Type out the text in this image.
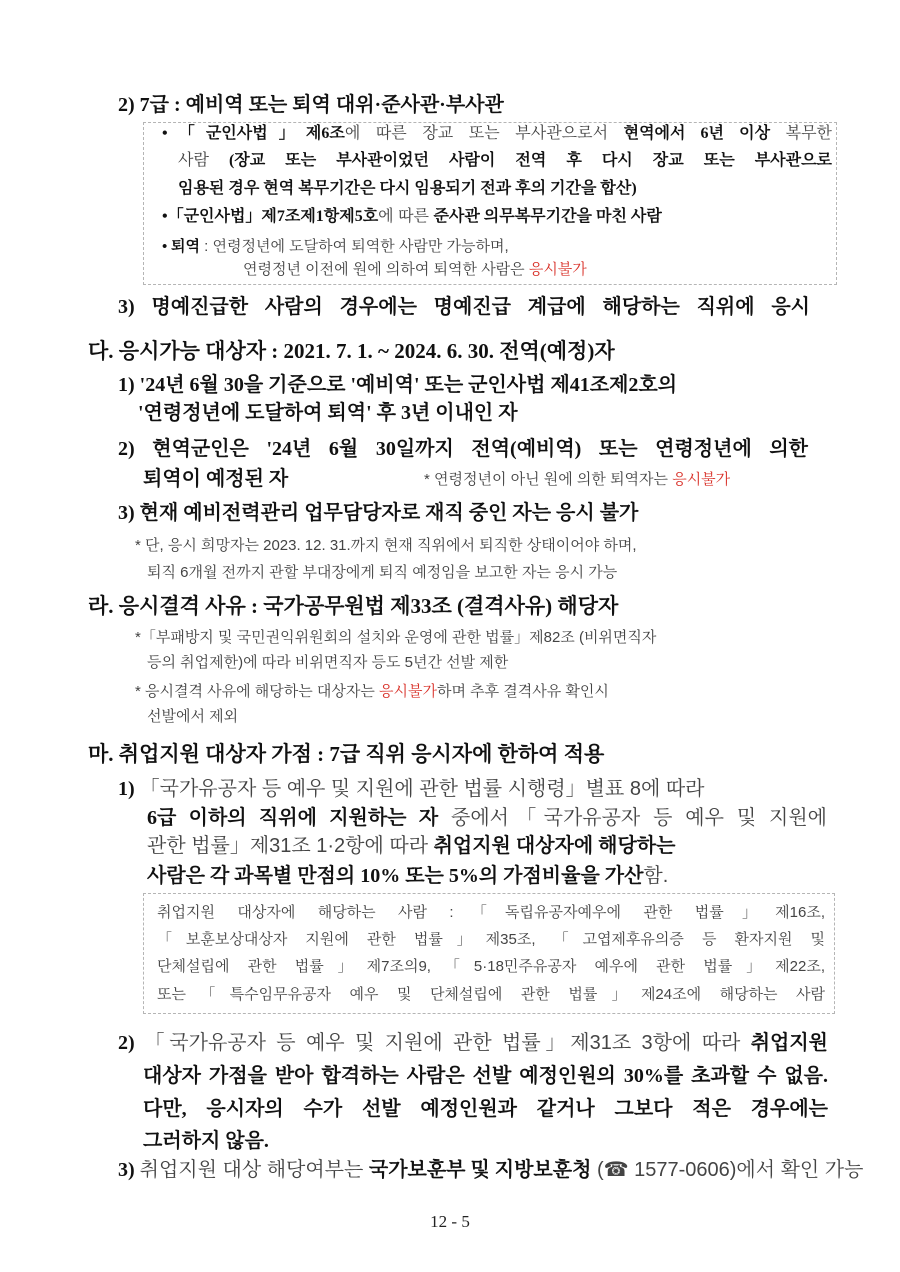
2) 7급 : 예비역 또는 퇴역 대위·준사관·부사관
•「군인사법」제6조에 따른 장교 또는 부사관으로서 현역에서 6년 이상 복무한
사람 (장교 또는 부사관이었던 사람이 전역 후 다시 장교 또는 부사관으로
임용된 경우 현역 복무기간은 다시 임용되기 전과 후의 기간을 합산)
•「군인사법」제7조제1항제5호에 따른 준사관 의무복무기간을 마친 사람
• 퇴역 : 연령정년에 도달하여 퇴역한 사람만 가능하며,
연령정년 이전에 원에 의하여 퇴역한 사람은 응시불가
3) 명예진급한 사람의 경우에는 명예진급 계급에 해당하는 직위에 응시
다. 응시가능 대상자 : 2021. 7. 1. ~ 2024. 6. 30. 전역(예정)자
1) '24년 6월 30을 기준으로 '예비역' 또는 군인사법 제41조제2호의
'연령정년에 도달하여 퇴역' 후 3년 이내인 자
2) 현역군인은 '24년 6월 30일까지 전역(예비역) 또는 연령정년에 의한
퇴역이 예정된 자	* 연령정년이 아닌 원에 의한 퇴역자는 응시불가
3) 현재 예비전력관리 업무담당자로 재직 중인 자는 응시 불가
* 단, 응시 희망자는 2023. 12. 31.까지 현재 직위에서 퇴직한 상태이어야 하며,
퇴직 6개월 전까지 관할 부대장에게 퇴직 예정임을 보고한 자는 응시 가능
라. 응시결격 사유 : 국가공무원법 제33조 (결격사유) 해당자
*「부패방지 및 국민권익위원회의 설치와 운영에 관한 법률」제82조 (비위면직자
등의 취업제한)에 따라 비위면직자 등도 5년간 선발 제한
* 응시결격 사유에 해당하는 대상자는 응시불가하며 추후 결격사유 확인시
선발에서 제외
마. 취업지원 대상자 가점 : 7급 직위 응시자에 한하여 적용
1) 「국가유공자 등 예우 및 지원에 관한 법률 시행령」별표 8에 따라
6급 이하의 직위에 지원하는 자 중에서「국가유공자 등 예우 및 지원에
관한 법률」제31조 1·2항에 따라 취업지원 대상자에 해당하는
사람은 각 과목별 만점의 10% 또는 5%의 가점비율을 가산함.
취업지원 대상자에 해당하는 사람 :「독립유공자예우에 관한 법률」제16조,
「보훈보상대상자 지원에 관한 법률」제35조, 「고엽제후유의증 등 환자지원 및
단체설립에 관한 법률」제7조의9,「5·18민주유공자 예우에 관한 법률」제22조,
또는「특수임무유공자 예우 및 단체설립에 관한 법률」제24조에 해당하는 사람
2) 「국가유공자 등 예우 및 지원에 관한 법률」제31조 3항에 따라 취업지원
대상자 가점을 받아 합격하는 사람은 선발 예정인원의 30%를 초과할 수 없음.
다만, 응시자의 수가 선발 예정인원과 같거나 그보다 적은 경우에는
그러하지 않음.
3) 취업지원 대상 해당여부는 국가보훈부 및 지방보훈청 (☎ 1577-0606)에서 확인 가능
12 - 5
